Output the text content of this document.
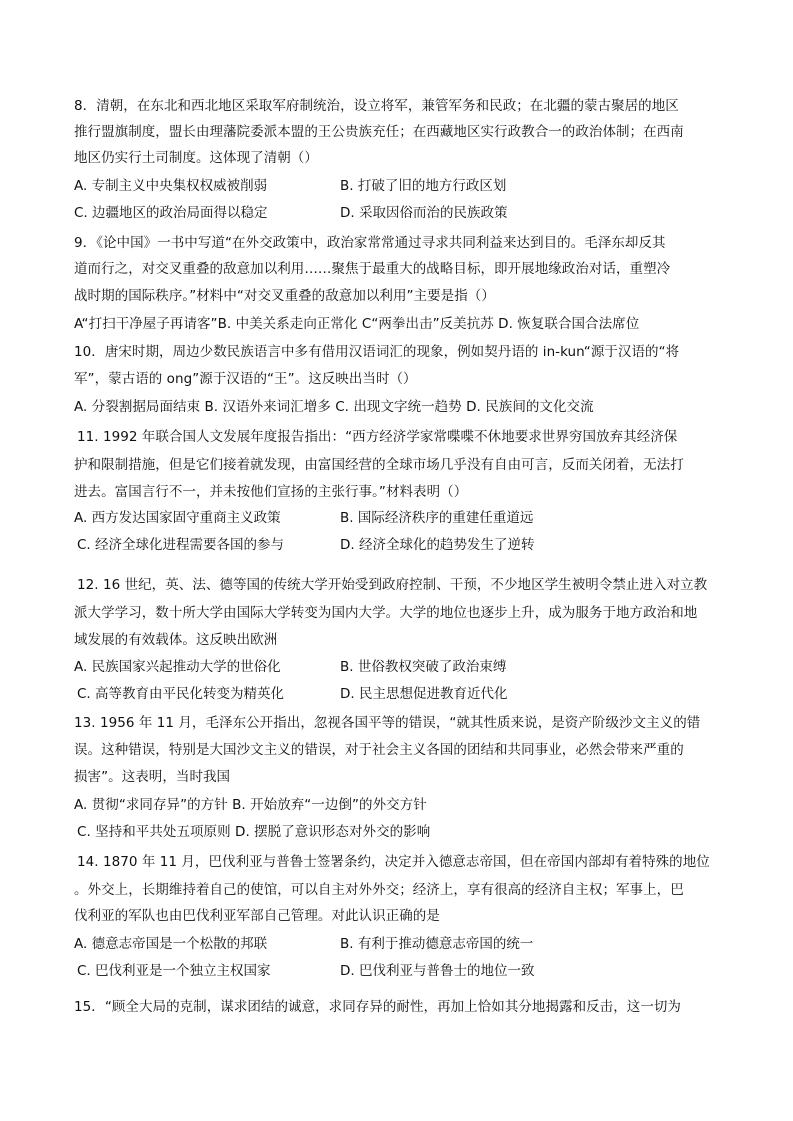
8．清朝，在东北和西北地区采取军府制统治，设立将军，兼管军务和民政；在北疆的蒙古聚居的地区
推行盟旗制度，盟长由理藩院委派本盟的王公贵族充任；在西藏地区实行政教合一的政治体制；在西南
地区仍实行土司制度。这体现了清朝（）
A. 专制主义中央集权权威被削弱	B. 打破了旧的地方行政区划
C. 边疆地区的政治局面得以稳定	D. 采取因俗而治的民族政策
9．《论中国》一书中写道“在外交政策中，政治家常常通过寻求共同利益来达到目的。毛泽东却反其
道而行之，对交叉重叠的敌意加以利用……聚焦于最重大的战略目标，即开展地缘政治对话，重塑冷
战时期的国际秩序。”材料中“对交叉重叠的敌意加以利用”主要是指（）
A“打扫干净屋子再请客”B. 中美关系走向正常化 C“两拳出击”反美抗苏 D. 恢复联合国合法席位
10．唐宋时期，周边少数民族语言中多有借用汉语词汇的现象，例如契丹语的 in-kun“源于汉语的“将
军”，蒙古语的 ong”源于汉语的“王”。这反映出当时（）
A. 分裂割据局面结束 B. 汉语外来词汇增多 C. 出现文字统一趋势 D. 民族间的文化交流
11. 1992 年联合国人文发展年度报告指出：“西方经济学家常喋喋不休地要求世界穷国放弃其经济保
护和限制措施，但是它们接着就发现，由富国经营的全球市场几乎没有自由可言，反而关闭着，无法打
进去。富国言行不一，并未按他们宣扬的主张行事。”材料表明（）
A. 西方发达国家固守重商主义政策	B. 国际经济秩序的重建任重道远
C. 经济全球化进程需要各国的参与	D. 经济全球化的趋势发生了逆转
12. 16 世纪，英、法、德等国的传统大学开始受到政府控制、干预，不少地区学生被明令禁止进入对立教
派大学学习，数十所大学由国际大学转变为国内大学。大学的地位也逐步上升，成为服务于地方政治和地
域发展的有效载体。这反映出欧洲
A. 民族国家兴起推动大学的世俗化	B. 世俗教权突破了政治束缚
C. 高等教育由平民化转变为精英化	D. 民主思想促进教育近代化
13. 1956 年 11 月，毛泽东公开指出，忽视各国平等的错误，“就其性质来说，是资产阶级沙文主义的错
误。这种错误，特别是大国沙文主义的错误，对于社会主义各国的团结和共同事业，必然会带来严重的
损害”。这表明，当时我国
A. 贯彻“求同存异”的方针 B. 开始放弃“一边倒”的外交方针
C. 坚持和平共处五项原则 D. 摆脱了意识形态对外交的影响
14. 1870 年 11 月，巴伐利亚与普鲁士签署条约，决定并入德意志帝国，但在帝国内部却有着特殊的地位
。外交上，长期维持着自己的使馆，可以自主对外外交；经济上，享有很高的经济自主权；军事上，巴
伐利亚的军队也由巴伐利亚军部自己管理。对此认识正确的是
A. 德意志帝国是一个松散的邦联	B. 有利于推动德意志帝国的统一
C. 巴伐利亚是一个独立主权国家	D. 巴伐利亚与普鲁士的地位一致
15．“顾全大局的克制，谋求团结的诚意，求同存异的耐性，再加上恰如其分地揭露和反击，这一切为
